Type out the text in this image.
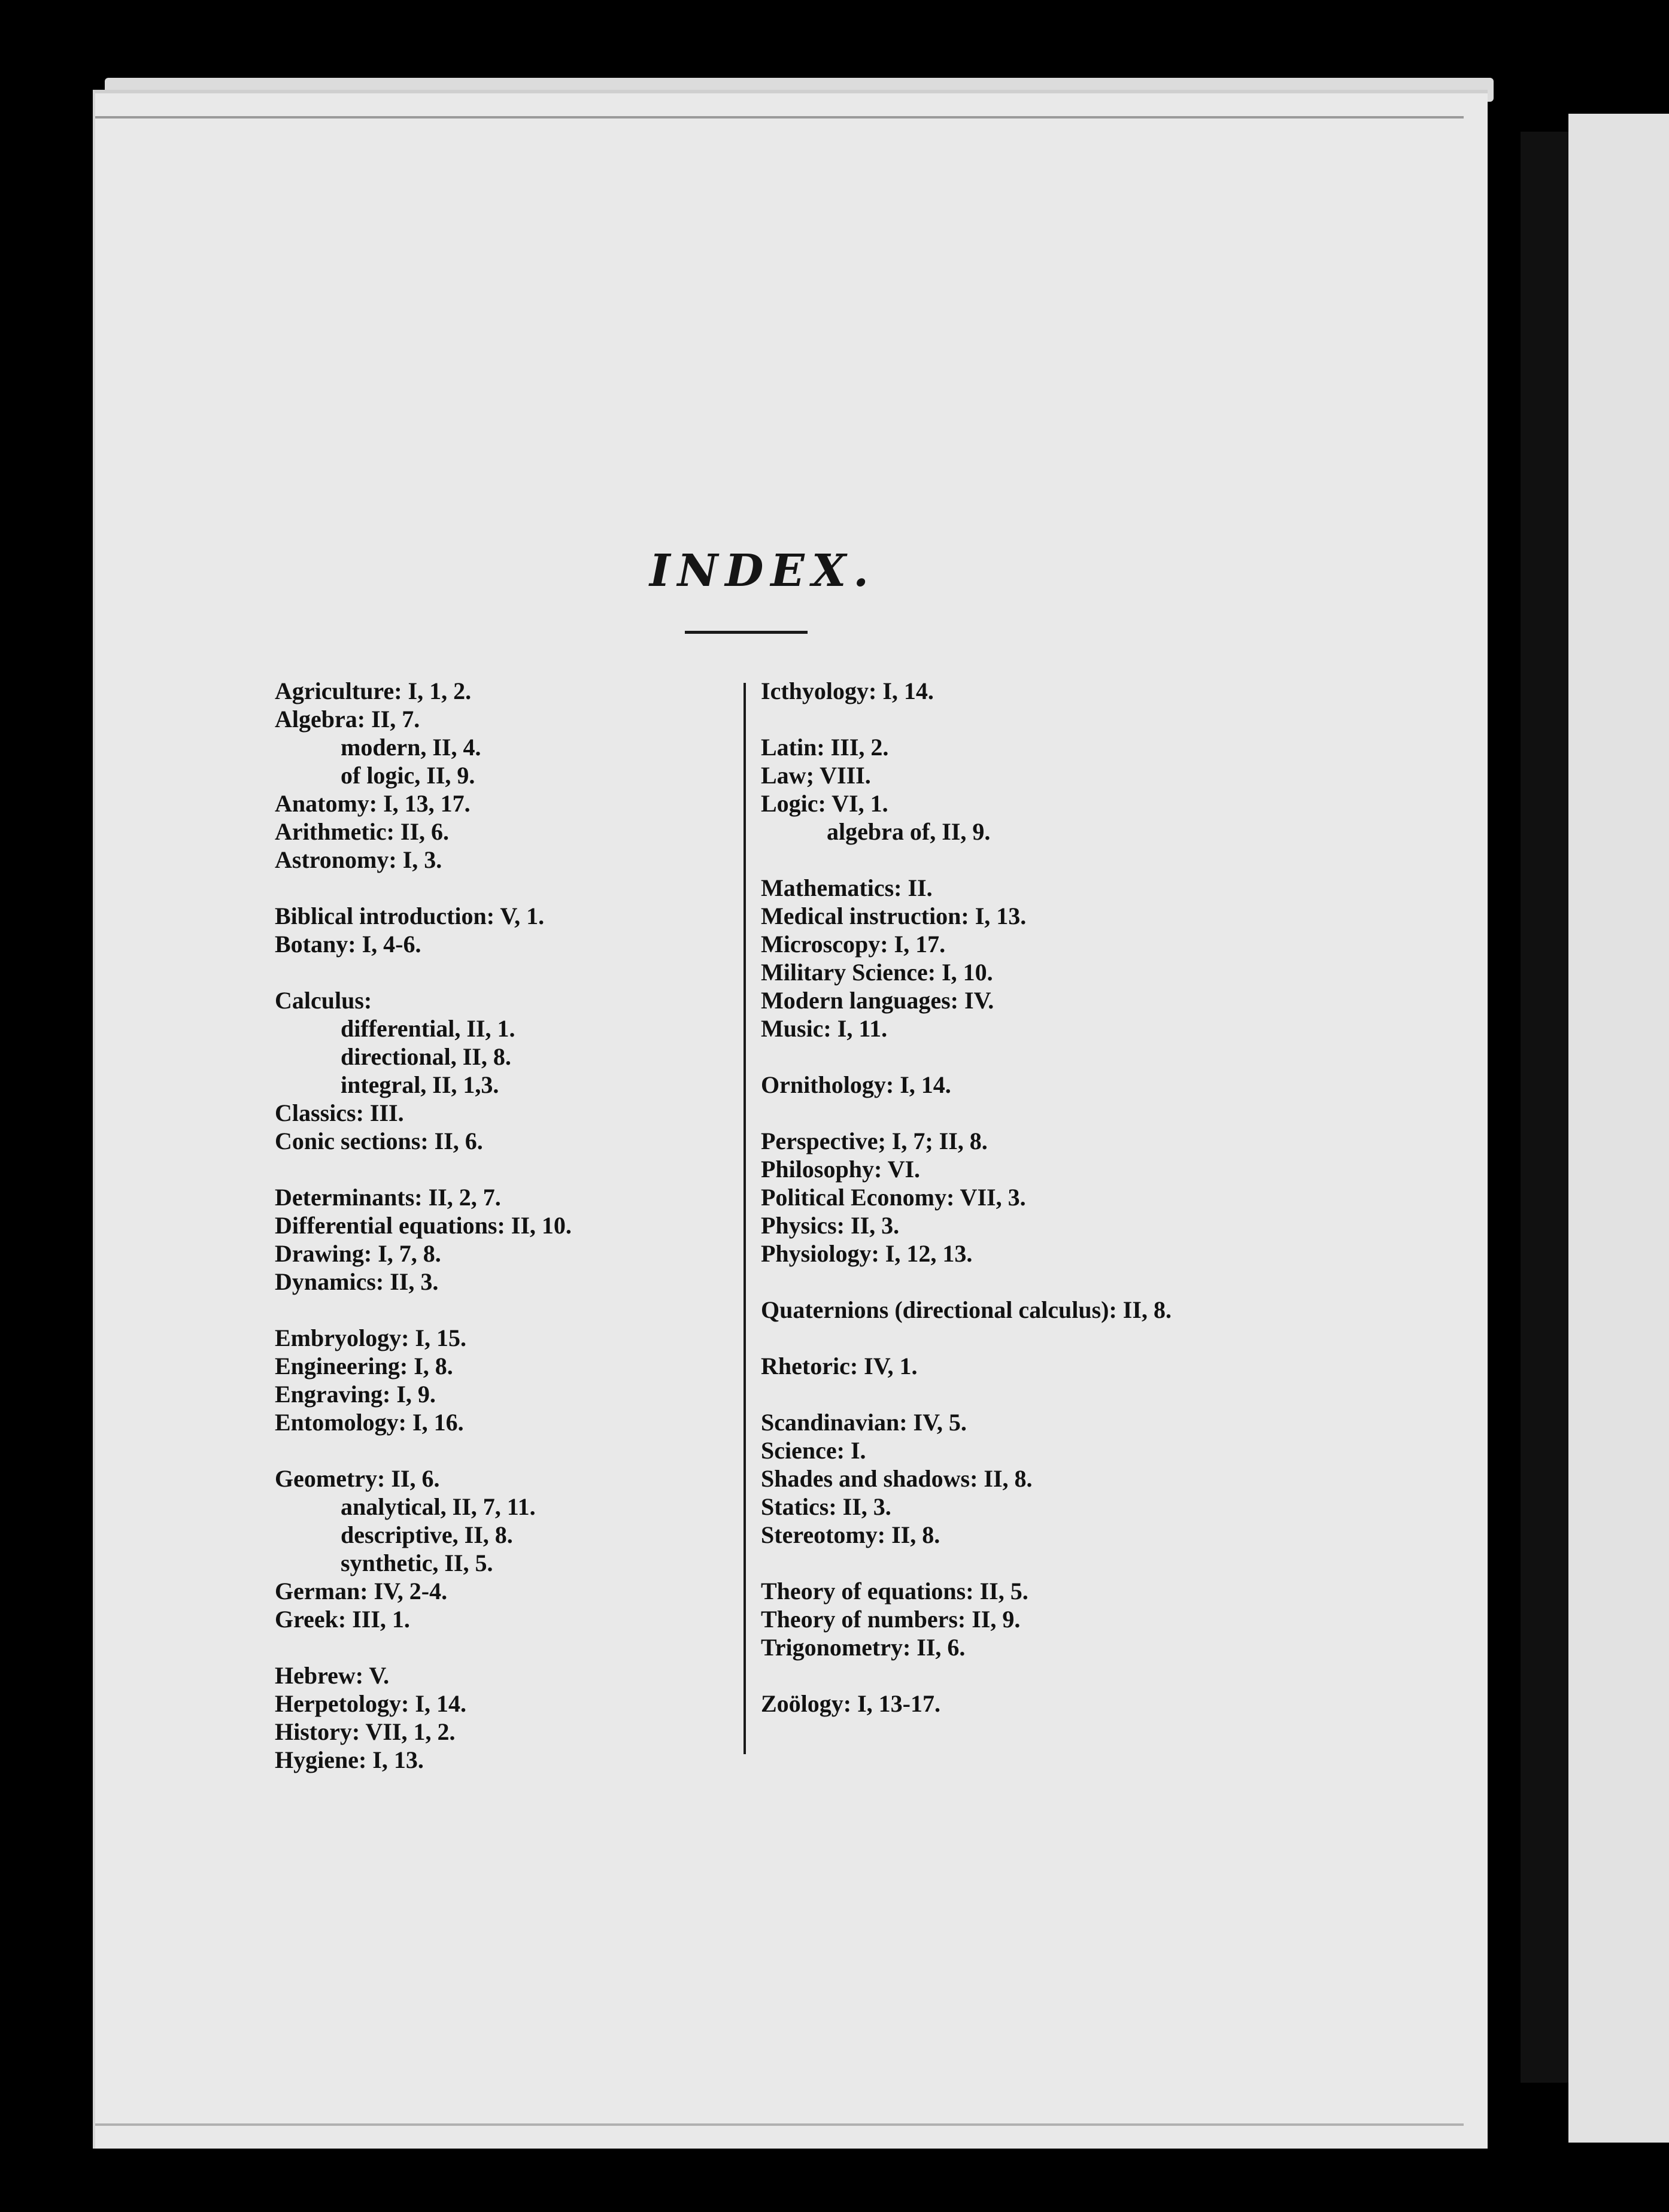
INDEX.
Agriculture: I, 1, 2.
Algebra: II, 7.
modern, II, 4.
of logic, II, 9.
Anatomy: I, 13, 17.
Arithmetic: II, 6.
Astronomy: I, 3.
Biblical introduction: V, 1.
Botany: I, 4-6.
Calculus:
differential, II, 1.
directional, II, 8.
integral, II, 1,3.
Classics: III.
Conic sections: II, 6.
Determinants: II, 2, 7.
Differential equations: II, 10.
Drawing: I, 7, 8.
Dynamics: II, 3.
Embryology: I, 15.
Engineering: I, 8.
Engraving: I, 9.
Entomology: I, 16.
Geometry: II, 6.
analytical, II, 7, 11.
descriptive, II, 8.
synthetic, II, 5.
German: IV, 2-4.
Greek: III, 1.
Hebrew: V.
Herpetology: I, 14.
History: VII, 1, 2.
Hygiene: I, 13.
Icthyology: I, 14.
Latin: III, 2.
Law; VIII.
Logic: VI, 1.
algebra of, II, 9.
Mathematics: II.
Medical instruction: I, 13.
Microscopy: I, 17.
Military Science: I, 10.
Modern languages: IV.
Music: I, 11.
Ornithology: I, 14.
Perspective; I, 7; II, 8.
Philosophy: VI.
Political Economy: VII, 3.
Physics: II, 3.
Physiology: I, 12, 13.
Quaternions (directional calculus): II, 8.
Rhetoric: IV, 1.
Scandinavian: IV, 5.
Science: I.
Shades and shadows: II, 8.
Statics: II, 3.
Stereotomy: II, 8.
Theory of equations: II, 5.
Theory of numbers: II, 9.
Trigonometry: II, 6.
Zoölogy: I, 13-17.
